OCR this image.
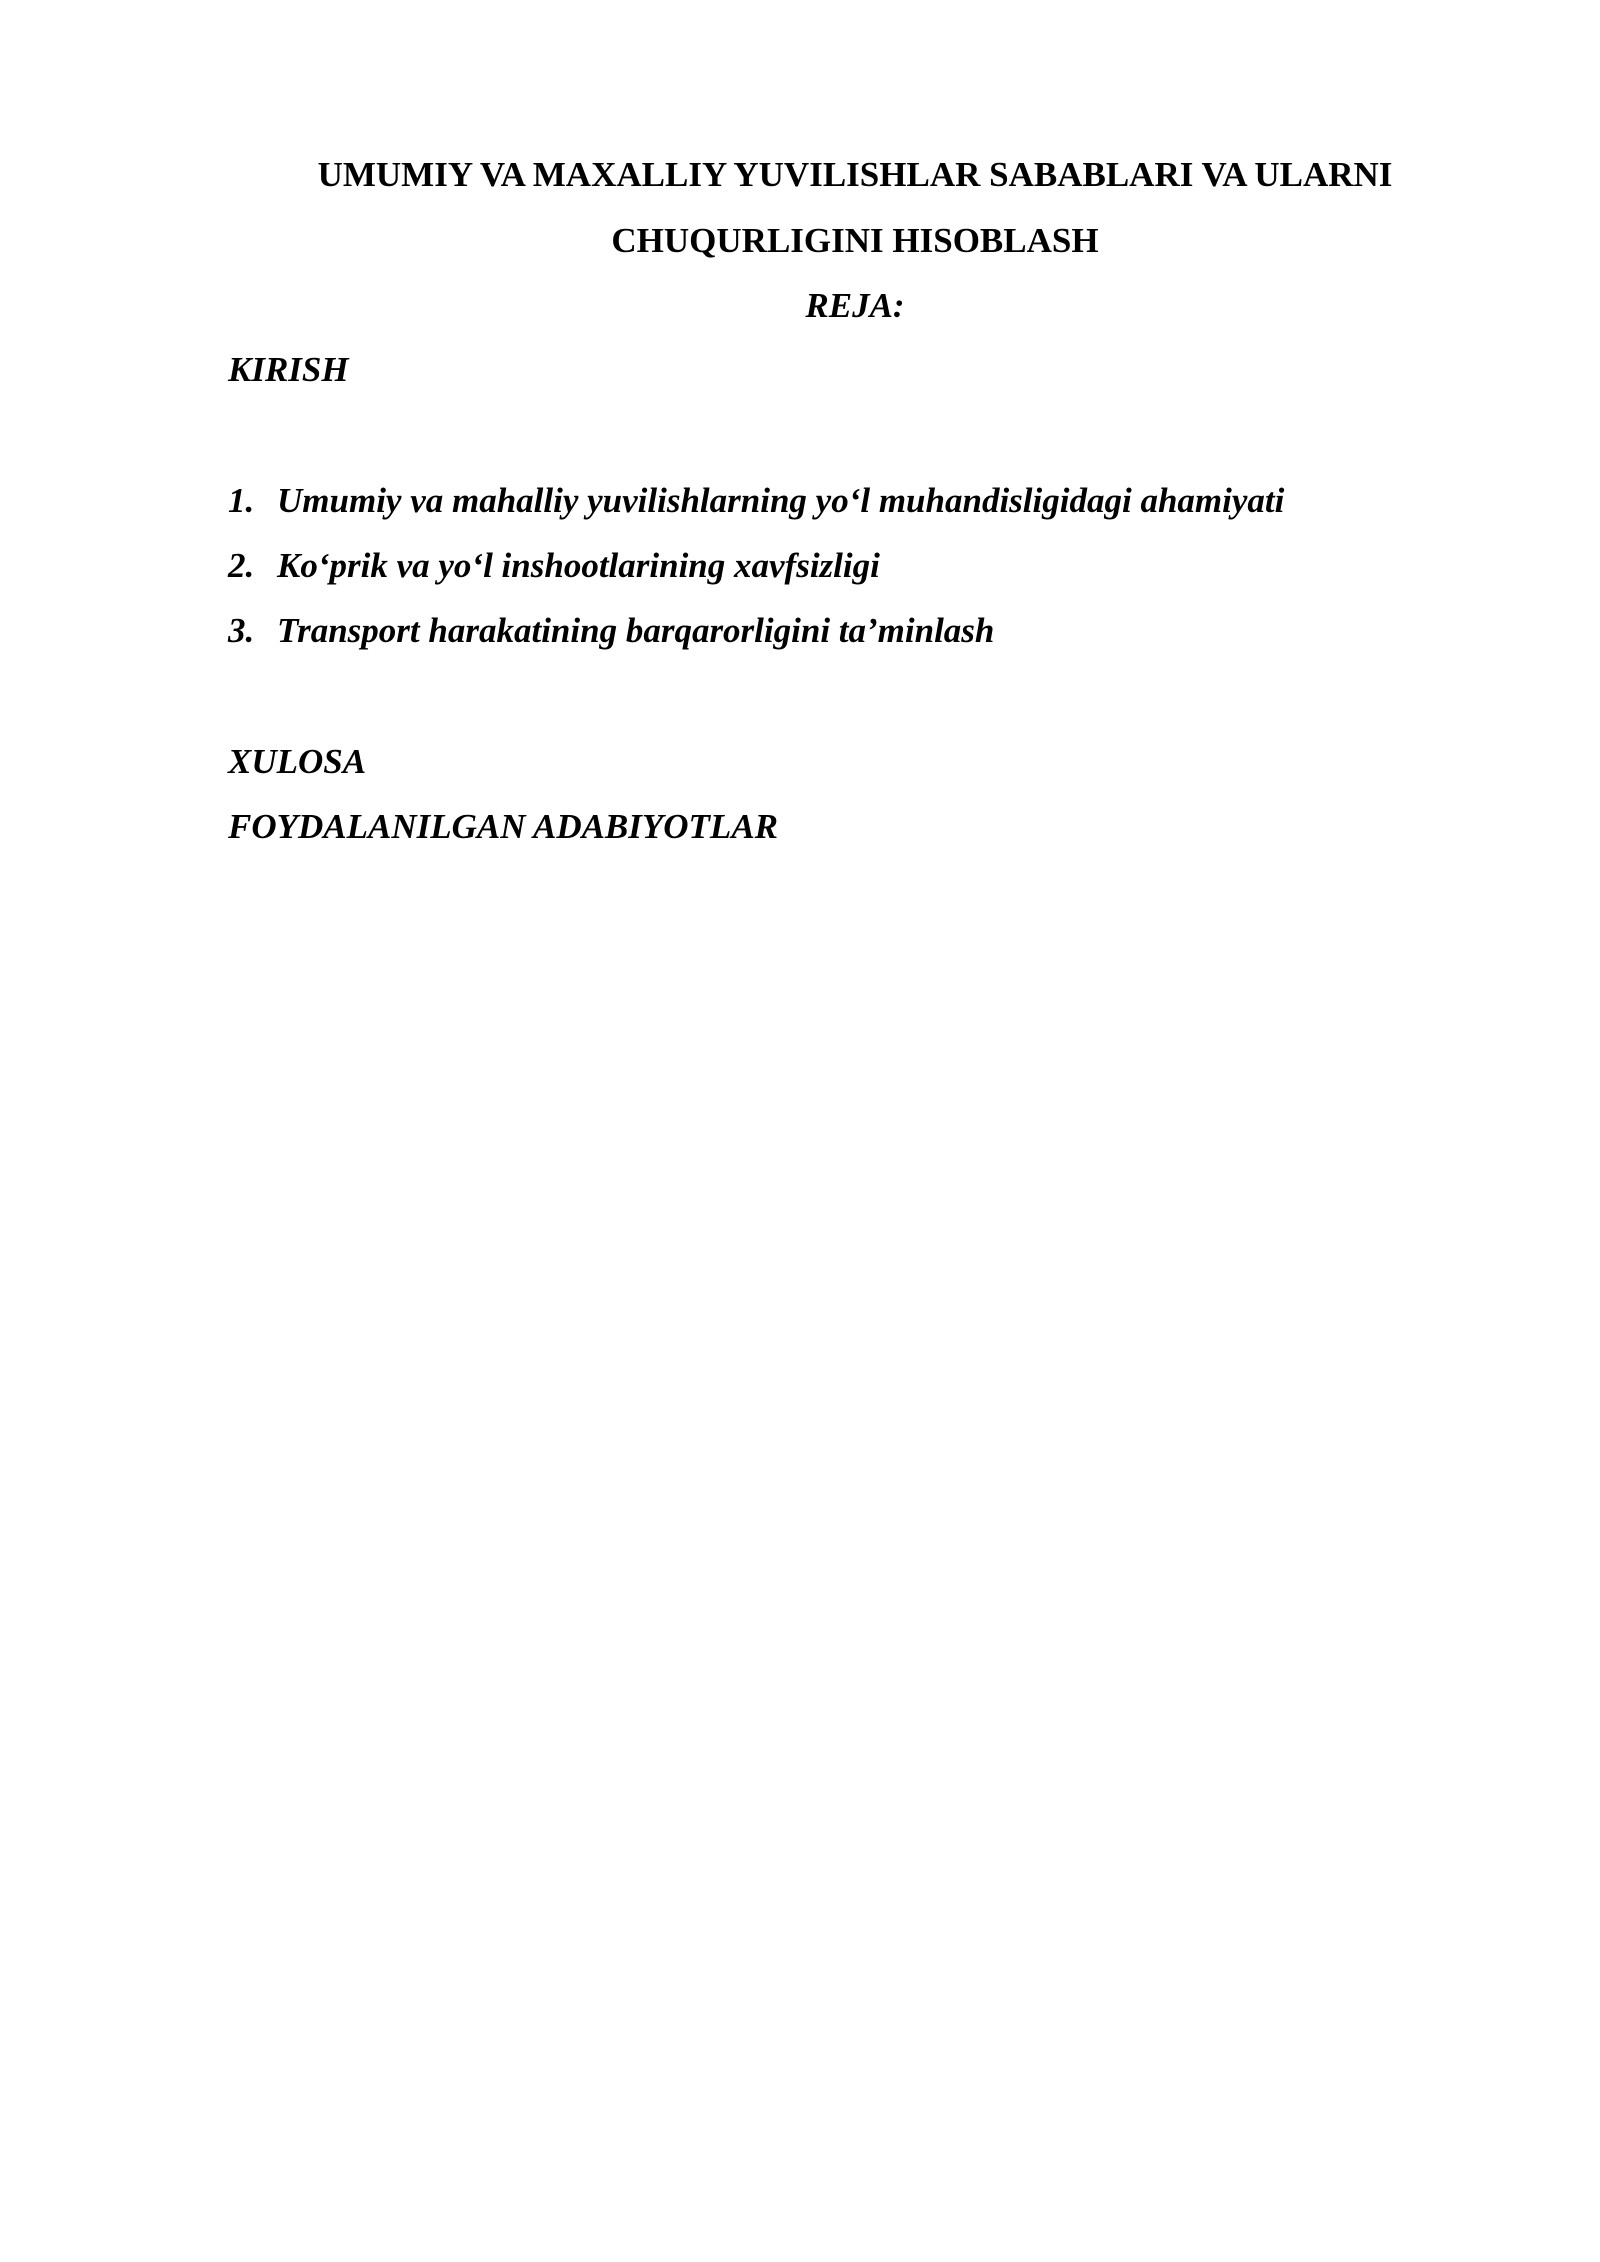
UMUMIY VA MAXALLIY YUVILISHLAR SABABLARI VA ULARNI
CHUQURLIGINI HISOBLASH
REJA:
KIRISH
1. Umumiy va mahalliy yuvilishlarning yo‘l muhandisligidagi ahamiyati
2. Ko‘prik va yo‘l inshootlarining xavfsizligi
3. Transport harakatining barqarorligini ta’minlash
XULOSA
FOYDALANILGAN ADABIYOTLAR
